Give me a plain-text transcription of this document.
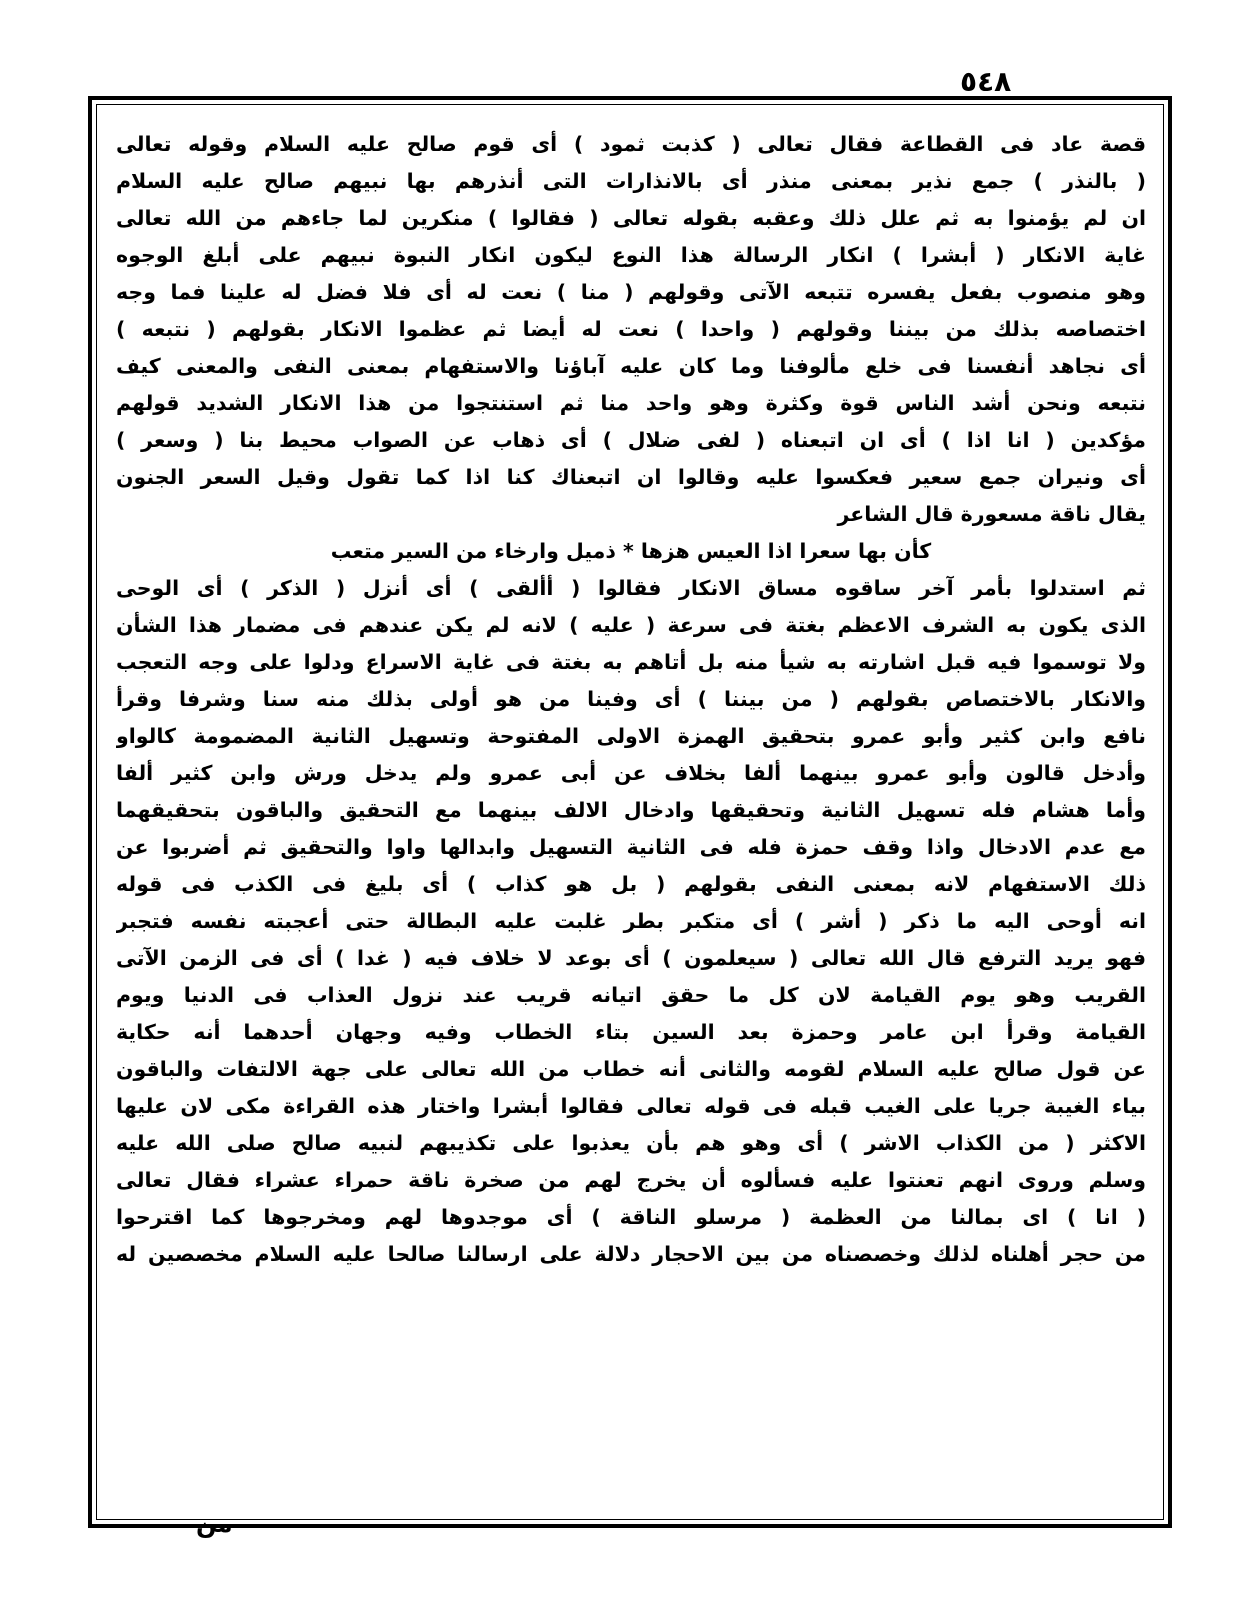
٥٤٨
قصة عاد فى القطاعة فقال تعالى ( كذبت ثمود ) أى قوم صالح عليه السلام وقوله تعالى
( بالنذر ) جمع نذير بمعنى منذر أى بالانذارات التى أنذرهم بها نبيهم صالح عليه السلام
ان لم يؤمنوا به ثم علل ذلك وعقبه بقوله تعالى ( فقالوا ) منكرين لما جاءهم من الله تعالى
غاية الانكار ( أبشرا ) انكار الرسالة هذا النوع ليكون انكار النبوة نبيهم على أبلغ الوجوه
وهو منصوب بفعل يفسره تتبعه الآتى وقولهم ( منا ) نعت له أى فلا فضل له علينا فما وجه
اختصاصه بذلك من بيننا وقولهم ( واحدا ) نعت له أيضا ثم عظموا الانكار بقولهم ( نتبعه )
أى نجاهد أنفسنا فى خلع مألوفنا وما كان عليه آباؤنا والاستفهام بمعنى النفى والمعنى كيف
نتبعه ونحن أشد الناس قوة وكثرة وهو واحد منا ثم استنتجوا من هذا الانكار الشديد قولهم
مؤكدين ( انا اذا ) أى ان اتبعناه ( لفى ضلال ) أى ذهاب عن الصواب محيط بنا ( وسعر )
أى ونيران جمع سعير فعكسوا عليه وقالوا ان اتبعناك كنا اذا كما تقول وقيل السعر الجنون
يقال ناقة مسعورة قال الشاعر
كأن بها سعرا اذا العيس هزها * ذميل وارخاء من السير متعب
ثم استدلوا بأمر آخر ساقوه مساق الانكار فقالوا ( أألقى ) أى أنزل ( الذكر ) أى الوحى
الذى يكون به الشرف الاعظم بغتة فى سرعة ( عليه ) لانه لم يكن عندهم فى مضمار هذا الشأن
ولا توسموا فيه قبل اشارته به شيأ منه بل أتاهم به بغتة فى غاية الاسراع ودلوا على وجه التعجب
والانكار بالاختصاص بقولهم ( من بيننا ) أى وفينا من هو أولى بذلك منه سنا وشرفا وقرأ
نافع وابن كثير وأبو عمرو بتحقيق الهمزة الاولى المفتوحة وتسهيل الثانية المضمومة كالواو
وأدخل قالون وأبو عمرو بينهما ألفا بخلاف عن أبى عمرو ولم يدخل ورش وابن كثير ألفا
وأما هشام فله تسهيل الثانية وتحقيقها وادخال الالف بينهما مع التحقيق والباقون بتحقيقهما
مع عدم الادخال واذا وقف حمزة فله فى الثانية التسهيل وابدالها واوا والتحقيق ثم أضربوا عن
ذلك الاستفهام لانه بمعنى النفى بقولهم ( بل هو كذاب ) أى بليغ فى الكذب فى قوله
انه أوحى اليه ما ذكر ( أشر ) أى متكبر بطر غلبت عليه البطالة حتى أعجبته نفسه فتجبر
فهو يريد الترفع قال الله تعالى ( سيعلمون ) أى بوعد لا خلاف فيه ( غدا ) أى فى الزمن الآتى
القريب وهو يوم القيامة لان كل ما حقق اتيانه قريب عند نزول العذاب فى الدنيا ويوم
القيامة وقرأ ابن عامر وحمزة بعد السين بتاء الخطاب وفيه وجهان أحدهما أنه حكاية
عن قول صالح عليه السلام لقومه والثانى أنه خطاب من الله تعالى على جهة الالتفات والباقون
بياء الغيبة جريا على الغيب قبله فى قوله تعالى فقالوا أبشرا واختار هذه القراءة مكى لان عليها
الاكثر ( من الكذاب الاشر ) أى وهو هم بأن يعذبوا على تكذيبهم لنبيه صالح صلى الله عليه
وسلم وروى انهم تعنتوا عليه فسألوه أن يخرج لهم من صخرة ناقة حمراء عشراء فقال تعالى
( انا ) اى بمالنا من العظمة ( مرسلو الناقة ) أى موجدوها لهم ومخرجوها كما اقترحوا
من حجر أهلناه لذلك وخصصناه من بين الاحجار دلالة على ارسالنا صالحا عليه السلام مخصصين له
من
